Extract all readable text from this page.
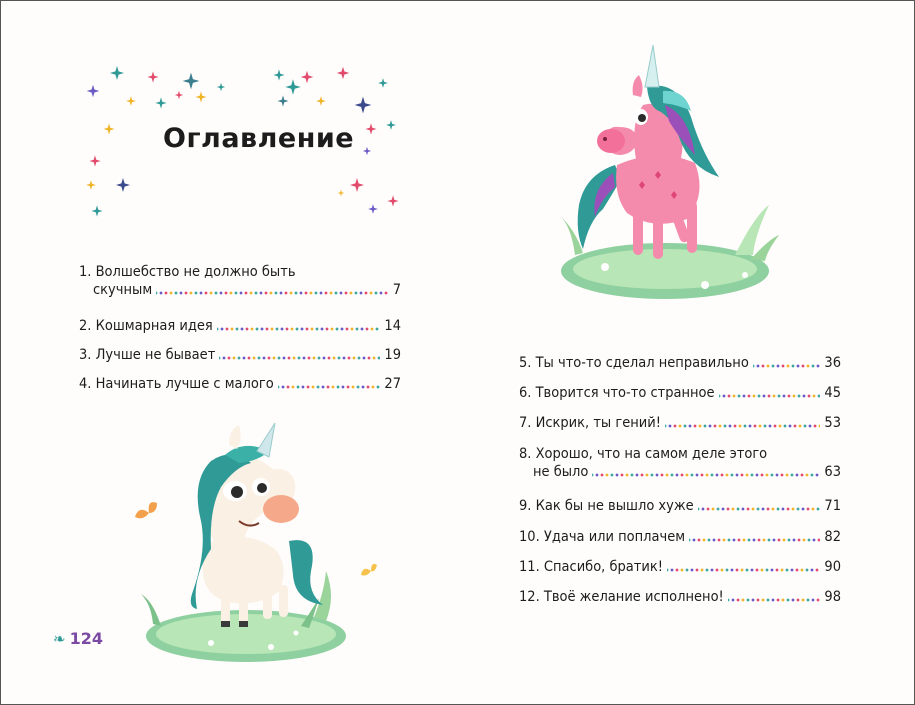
Оглавление
1. Волшебство не должно быть
скучным	7
2. Кошмарная идея	14
3. Лучше не бывает	19
4. Начинать лучше с малого	27
❧ 124
5. Ты что-то сделал неправильно	36
6. Творится что-то странное	45
7. Искрик, ты гений!	53
8. Хорошо, что на самом деле этого
не было	63
9. Как бы не вышло хуже	71
10. Удача или поплачем	82
11. Спасибо, братик!	90
12. Твоё желание исполнено!	98
